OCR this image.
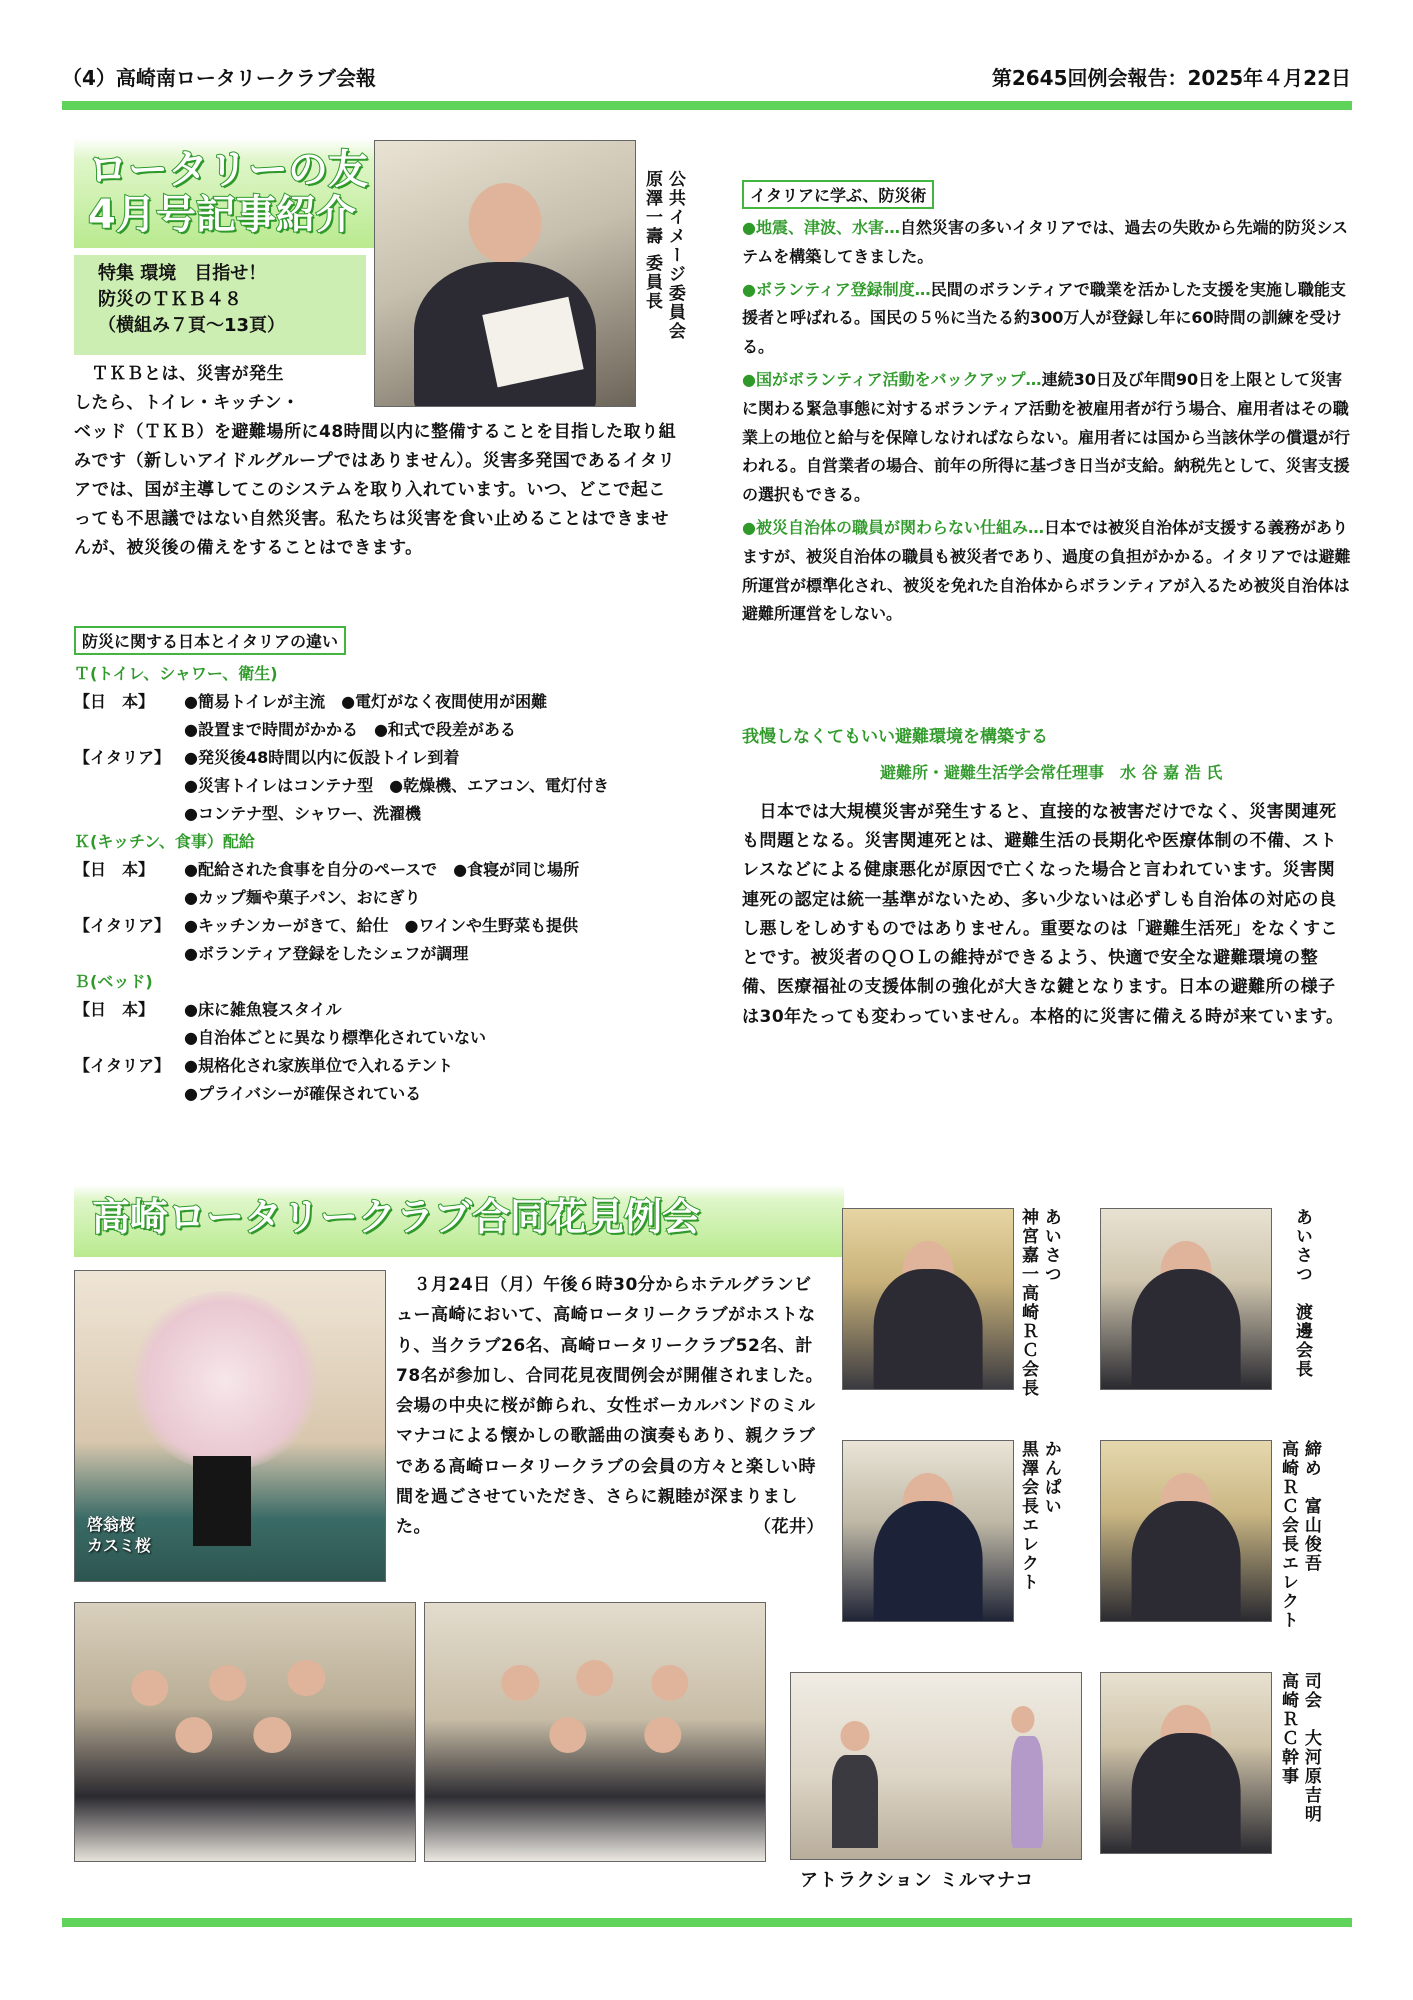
（4）高崎南ロータリークラブ会報	第2645回例会報告：2025年４月22日
ロータリーの友
4月号記事紹介
特集 環境　目指せ！
防災のＴＫＢ４８
（横組み７頁〜13頁）	公共イメージ委員会
原澤一壽 委員長
　ＴＫＢとは、災害が発生
したら、トイレ・キッチン・
ベッド（ＴＫＢ）を避難場所に48時間以内に整備することを目指した取り組みです（新しいアイドルグループではありません）。災害多発国であるイタリアでは、国が主導してこのシステムを取り入れています。いつ、どこで起こっても不思議ではない自然災害。私たちは災害を食い止めることはできませんが、被災後の備えをすることはできます。
防災に関する日本とイタリアの違い
Ｔ(トイレ、シャワー、衛生)
【日　本】	●簡易トイレが主流　●電灯がなく夜間使用が困難
●設置まで時間がかかる　●和式で段差がある
【イタリア】 ●発災後48時間以内に仮設トイレ到着
●災害トイレはコンテナ型　●乾燥機、エアコン、電灯付き
●コンテナ型、シャワー、洗濯機
Ｋ(キッチン、食事）配給
【日　本】	●配給された食事を自分のペースで　●食寝が同じ場所
●カップ麺や菓子パン、おにぎり
【イタリア】 ●キッチンカーがきて、給仕　●ワインや生野菜も提供
●ボランティア登録をしたシェフが調理
Ｂ(ベッド)
【日　本】	●床に雑魚寝スタイル
●自治体ごとに異なり標準化されていない
【イタリア】 ●規格化され家族単位で入れるテント
●プライバシーが確保されている
イタリアに学ぶ、防災術
●地震、津波、水害…自然災害の多いイタリアでは、過去の失敗から先端的防災システムを構築してきました。
●ボランティア登録制度…民間のボランティアで職業を活かした支援を実施し職能支援者と呼ばれる。国民の５％に当たる約300万人が登録し年に60時間の訓練を受ける。
●国がボランティア活動をバックアップ…連続30日及び年間90日を上限として災害に関わる緊急事態に対するボランティア活動を被雇用者が行う場合、雇用者はその職業上の地位と給与を保障しなければならない。雇用者には国から当該休学の償還が行われる。自営業者の場合、前年の所得に基づき日当が支給。納税先として、災害支援の選択もできる。
●被災自治体の職員が関わらない仕組み…日本では被災自治体が支援する義務がありますが、被災自治体の職員も被災者であり、過度の負担がかかる。イタリアでは避難所運営が標準化され、被災を免れた自治体からボランティアが入るため被災自治体は避難所運営をしない。
我慢しなくてもいい避難環境を構築する
避難所・避難生活学会常任理事　水 谷 嘉 浩 氏
　日本では大規模災害が発生すると、直接的な被害だけでなく、災害関連死も問題となる。災害関連死とは、避難生活の長期化や医療体制の不備、ストレスなどによる健康悪化が原因で亡くなった場合と言われています。災害関連死の認定は統一基準がないため、多い少ないは必ずしも自治体の対応の良し悪しをしめすものではありません。重要なのは「避難生活死」をなくすことです。被災者のＱＯＬの維持ができるよう、快適で安全な避難環境の整備、医療福祉の支援体制の強化が大きな鍵となります。日本の避難所の様子は30年たっても変わっていません。本格的に災害に備える時が来ています。
高崎ロータリークラブ合同花見例会
啓翁桜
カスミ桜
　３月24日（月）午後６時30分からホテルグランビュー高崎において、高崎ロータリークラブがホストなり、当クラブ26名、高崎ロータリークラブ52名、計78名が参加し、合同花見夜間例会が開催されました。会場の中央に桜が飾られ、女性ボーカルバンドのミルマナコによる懐かしの歌謡曲の演奏もあり、親クラブである高崎ロータリークラブの会員の方々と楽しい時間を過ごさせていただき、さらに親睦が深まりました。	（花井）
あいさつ
神宮嘉一高崎ＲＣ会長	あいさつ　渡邊会長
かんぱい
黒澤会長エレクト	締め　富山俊吾
高崎ＲＣ会長エレクト
アトラクション ミルマナコ
司会　大河原吉明
高崎ＲＣ幹事
